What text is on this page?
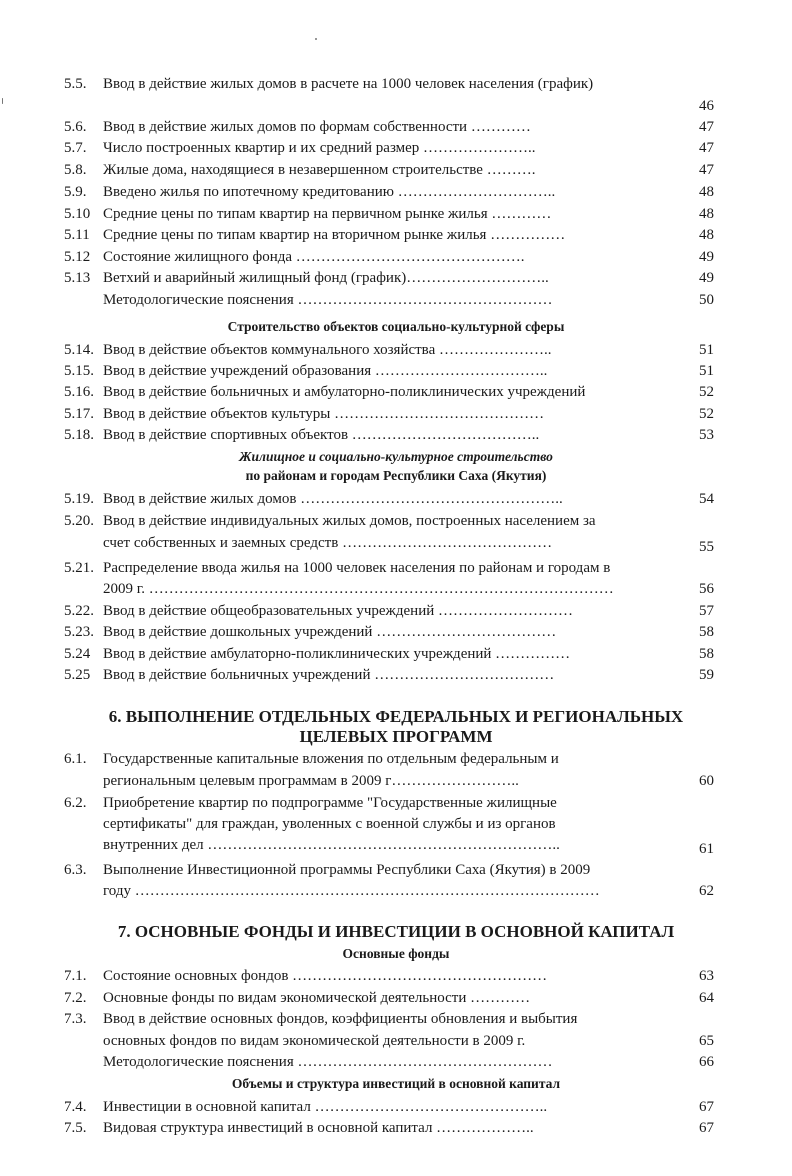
5.5. Ввод в действие жилых домов в расчете на 1000 человек населения (график)
46
5.6. Ввод в действие жилых домов по формам собственности …………	47
5.7. Число построенных квартир и их средний размер …………………..	47
5.8. Жилые дома, находящиеся в незавершенном строительстве ……….	47
5.9. Введено жилья по ипотечному кредитованию …………………………..	48
5.10 Средние цены по типам квартир на первичном рынке жилья …………	48
5.11 Средние цены по типам квартир на вторичном рынке жилья ……………	48
5.12 Состояние жилищного фонда ……………………………………….	49
5.13 Ветхий и аварийный жилищный фонд (график)………………………..	49
Методологические пояснения ……………………………………………	50
Строительство объектов социально-культурной сферы
5.14. Ввод в действие объектов коммунального хозяйства …………………..	51
5.15. Ввод в действие учреждений образования ……………………………..	51
5.16. Ввод в действие больничных и амбулаторно-поликлинических учреждений	52
5.17. Ввод в действие объектов культуры ……………………………………	52
5.18. Ввод в действие спортивных объектов ………………………………..	53
Жилищное и социально-культурное строительство
по районам и городам Республики Саха (Якутия)
5.19. Ввод в действие жилых домов ……………………………………………..	54
5.20. Ввод в действие индивидуальных жилых домов, построенных населением за
счет собственных и заемных средств ……………………………………	55
5.21. Распределение ввода жилья на 1000 человек населения по районам и городам в
2009 г. …………………………………………………………………………………	56
5.22. Ввод в действие общеобразовательных учреждений ………………………	57
5.23. Ввод в действие дошкольных учреждений ………………………………	58
5.24 Ввод в действие амбулаторно-поликлинических учреждений ……………	58
5.25 Ввод в действие больничных учреждений ………………………………	59
6. ВЫПОЛНЕНИЕ ОТДЕЛЬНЫХ ФЕДЕРАЛЬНЫХ И РЕГИОНАЛЬНЫХ
ЦЕЛЕВЫХ ПРОГРАММ
6.1. Государственные капитальные вложения по отдельным федеральным и
региональным целевым программам в 2009 г……………………..	60
6.2. Приобретение квартир по подпрограмме "Государственные жилищные
сертификаты" для граждан, уволенных с военной службы и из органов
внутренних дел ……………………………………………………………..	61
6.3. Выполнение Инвестиционной программы Республики Саха (Якутия) в 2009
году …………………………………………………………………………………	62
7. ОСНОВНЫЕ ФОНДЫ И ИНВЕСТИЦИИ В ОСНОВНОЙ КАПИТАЛ
Основные фонды
7.1. Состояние основных фондов ……………………………………………	63
7.2. Основные фонды по видам экономической деятельности …………	64
7.3. Ввод в действие основных фондов, коэффициенты обновления и выбытия
основных фондов по видам экономической деятельности в 2009 г.	65
Методологические пояснения ……………………………………………	66
Объемы и структура инвестиций в основной капитал
7.4. Инвестиции в основной капитал ………………………………………..	67
7.5. Видовая структура инвестиций в основной капитал ………………..	67
